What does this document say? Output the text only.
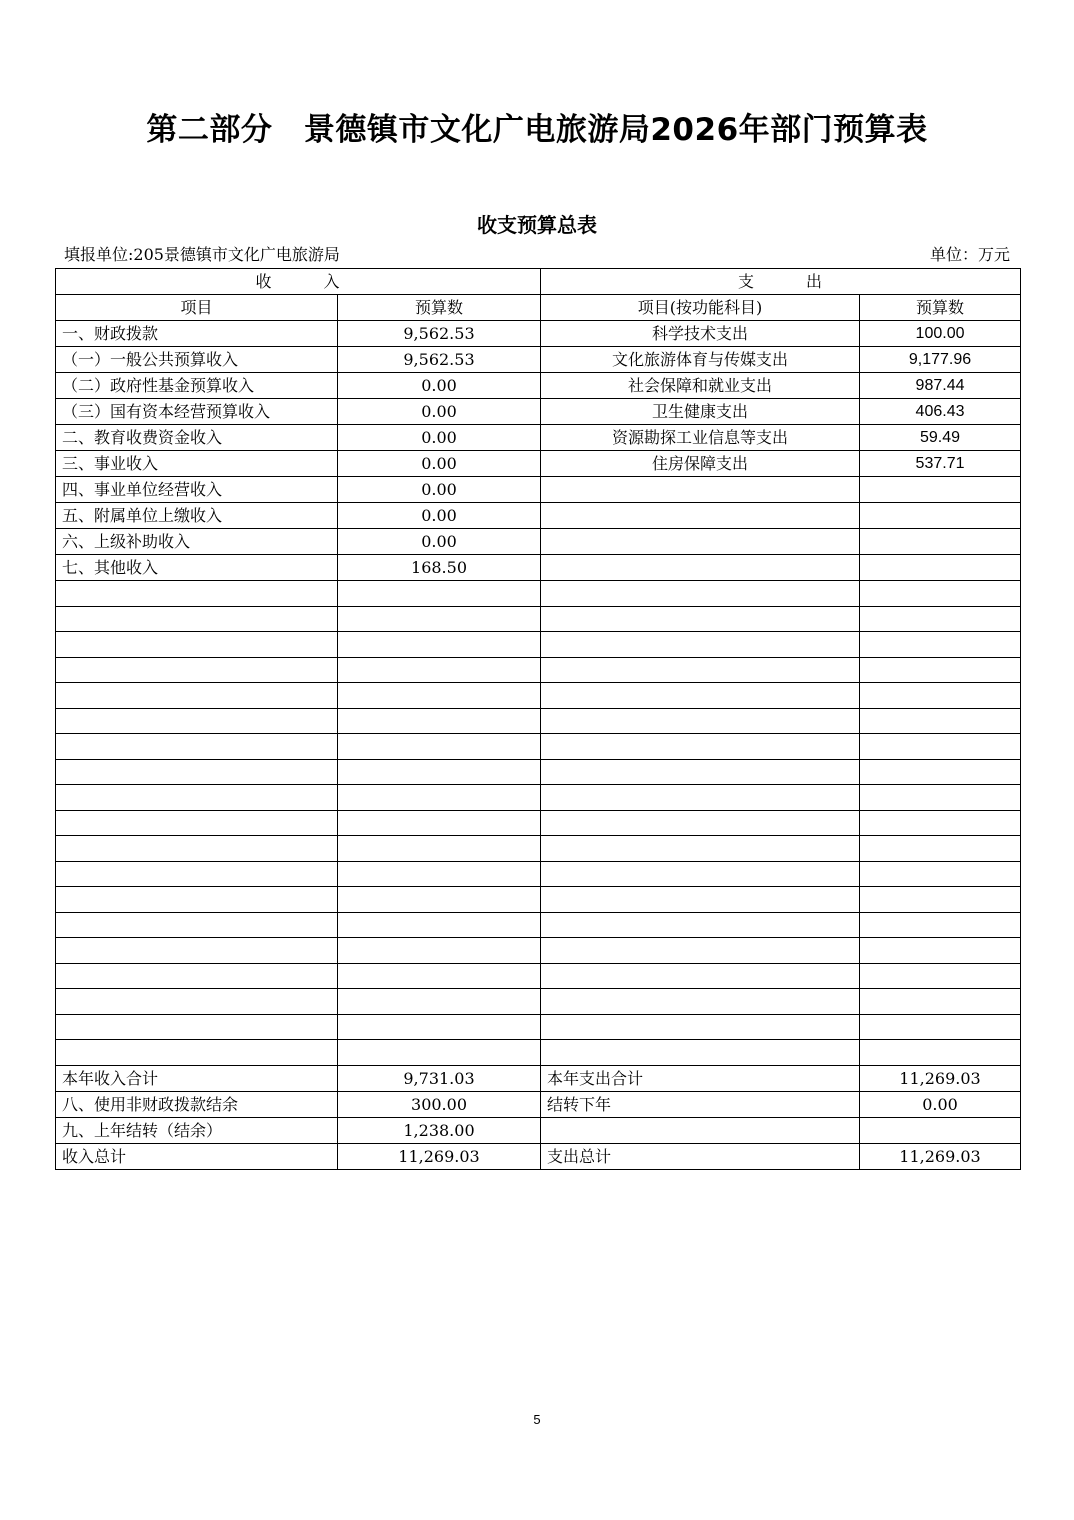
第二部分　景德镇市文化广电旅游局2026年部门预算表
收支预算总表
填报单位:205景德镇市文化广电旅游局	单位：万元
收　　　入		支　　　出	
项目	预算数	项目(按功能科目)	预算数
一、财政拨款	9,562.53	科学技术支出	100.00
（一）一般公共预算收入	9,562.53	文化旅游体育与传媒支出	9,177.96
（二）政府性基金预算收入	0.00	社会保障和就业支出	987.44
（三）国有资本经营预算收入	0.00	卫生健康支出	406.43
二、教育收费资金收入	0.00	资源勘探工业信息等支出	59.49
三、事业收入	0.00	住房保障支出	537.71
四、事业单位经营收入	0.00		
五、附属单位上缴收入	0.00		
六、上级补助收入	0.00		
七、其他收入	168.50		

本年收入合计	9,731.03	本年支出合计	11,269.03
八、使用非财政拨款结余	300.00	结转下年	0.00
九、上年结转（结余）	1,238.00		
收入总计	11,269.03	支出总计	11,269.03
5
